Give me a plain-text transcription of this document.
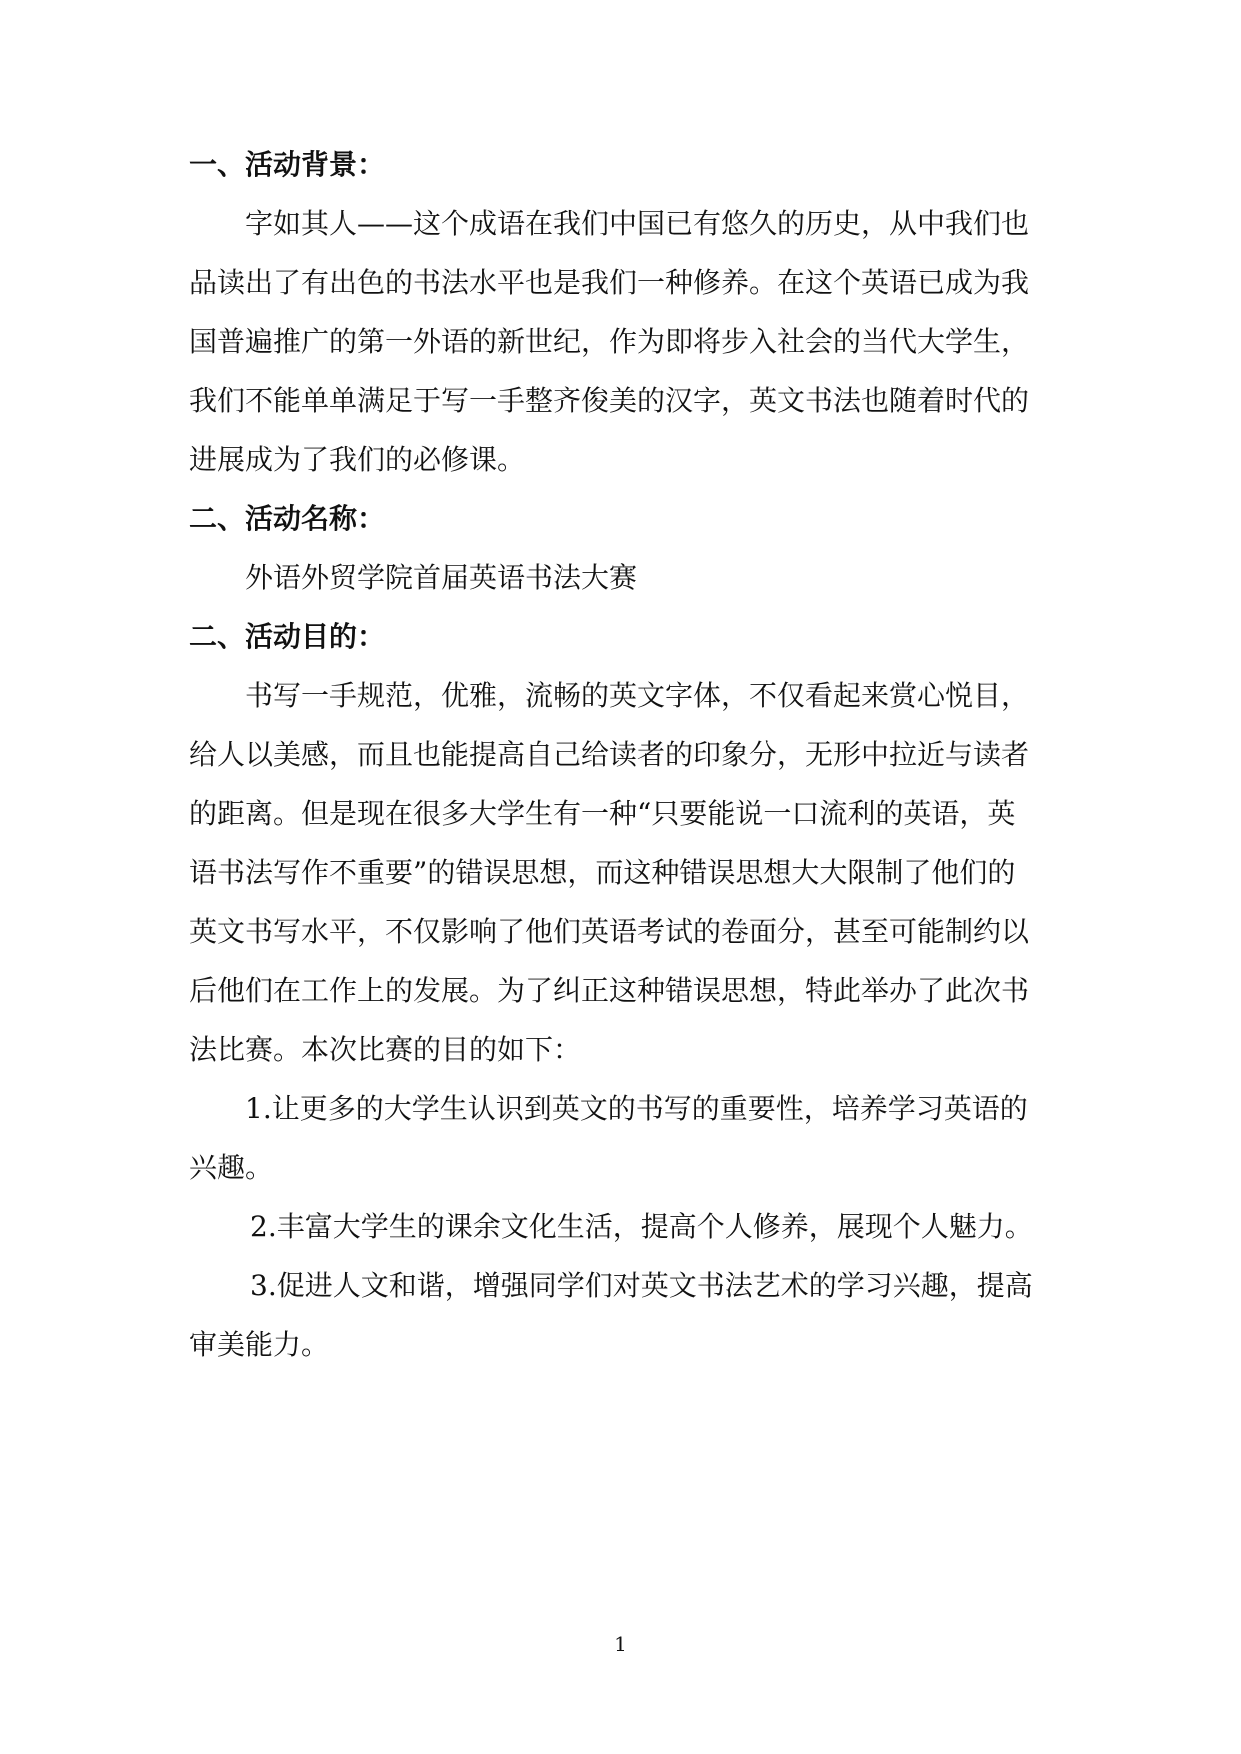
一、活动背景：
字如其人——这个成语在我们中国已有悠久的历史，从中我们也
品读出了有出色的书法水平也是我们一种修养。在这个英语已成为我
国普遍推广的第一外语的新世纪，作为即将步入社会的当代大学生，
我们不能单单满足于写一手整齐俊美的汉字，英文书法也随着时代的
进展成为了我们的必修课。
二、活动名称：
外语外贸学院首届英语书法大赛
二、活动目的：
书写一手规范，优雅，流畅的英文字体，不仅看起来赏心悦目，
给人以美感，而且也能提高自己给读者的印象分，无形中拉近与读者
的距离。但是现在很多大学生有一种“只要能说一口流利的英语，英
语书法写作不重要”的错误思想，而这种错误思想大大限制了他们的
英文书写水平，不仅影响了他们英语考试的卷面分，甚至可能制约以
后他们在工作上的发展。为了纠正这种错误思想，特此举办了此次书
法比赛。本次比赛的目的如下：
1.让更多的大学生认识到英文的书写的重要性，培养学习英语的
兴趣。
2.丰富大学生的课余文化生活，提高个人修养，展现个人魅力。
3.促进人文和谐，增强同学们对英文书法艺术的学习兴趣，提高
审美能力。
1
